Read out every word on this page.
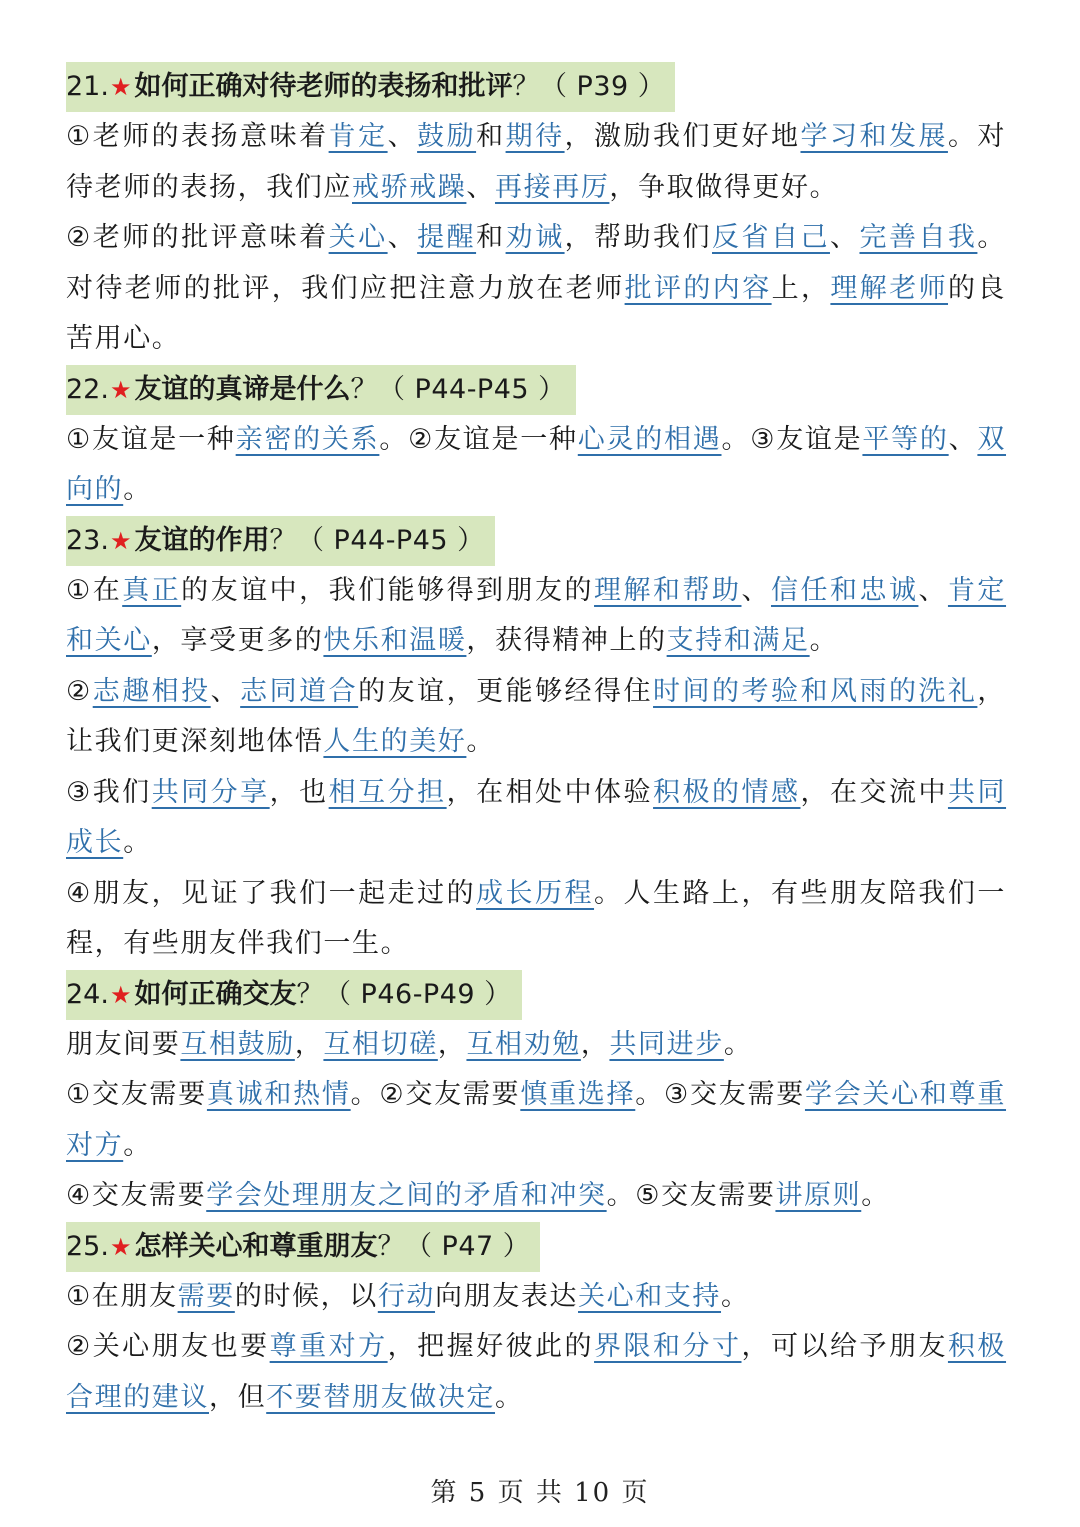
21.★ 如何正确对待老师的表扬和批评？（ P39 ）

①老师的表扬意味着肯定、鼓励和期待，激励我们更好地学习和发展。对待老师的表扬，我们应戒骄戒躁、再接再厉，争取做得更好。

②老师的批评意味着关心、提醒和劝诫，帮助我们反省自己、完善自我。对待老师的批评，我们应把注意力放在老师批评的内容上，理解老师的良苦用心。

22.★ 友谊的真谛是什么？（ P44-P45 ）

①友谊是一种亲密的关系。②友谊是一种心灵的相遇。③友谊是平等的、双向的。

23.★ 友谊的作用？（ P44-P45 ）

①在真正的友谊中，我们能够得到朋友的理解和帮助、信任和忠诚、肯定和关心，享受更多的快乐和温暖，获得精神上的支持和满足。

②志趣相投、志同道合的友谊，更能够经得住时间的考验和风雨的洗礼，让我们更深刻地体悟人生的美好。

③我们共同分享，也相互分担，在相处中体验积极的情感，在交流中共同成长。

④朋友，见证了我们一起走过的成长历程。人生路上，有些朋友陪我们一程，有些朋友伴我们一生。

24.★ 如何正确交友？（ P46-P49 ）

朋友间要互相鼓励，互相切磋，互相劝勉，共同进步。

①交友需要真诚和热情。②交友需要慎重选择。③交友需要学会关心和尊重对方。

④交友需要学会处理朋友之间的矛盾和冲突。⑤交友需要讲原则。

25.★ 怎样关心和尊重朋友？（ P47 ）

①在朋友需要的时候，以行动向朋友表达关心和支持。

②关心朋友也要尊重对方，把握好彼此的界限和分寸，可以给予朋友积极合理的建议，但不要替朋友做决定。

第 5 页 共 10 页
